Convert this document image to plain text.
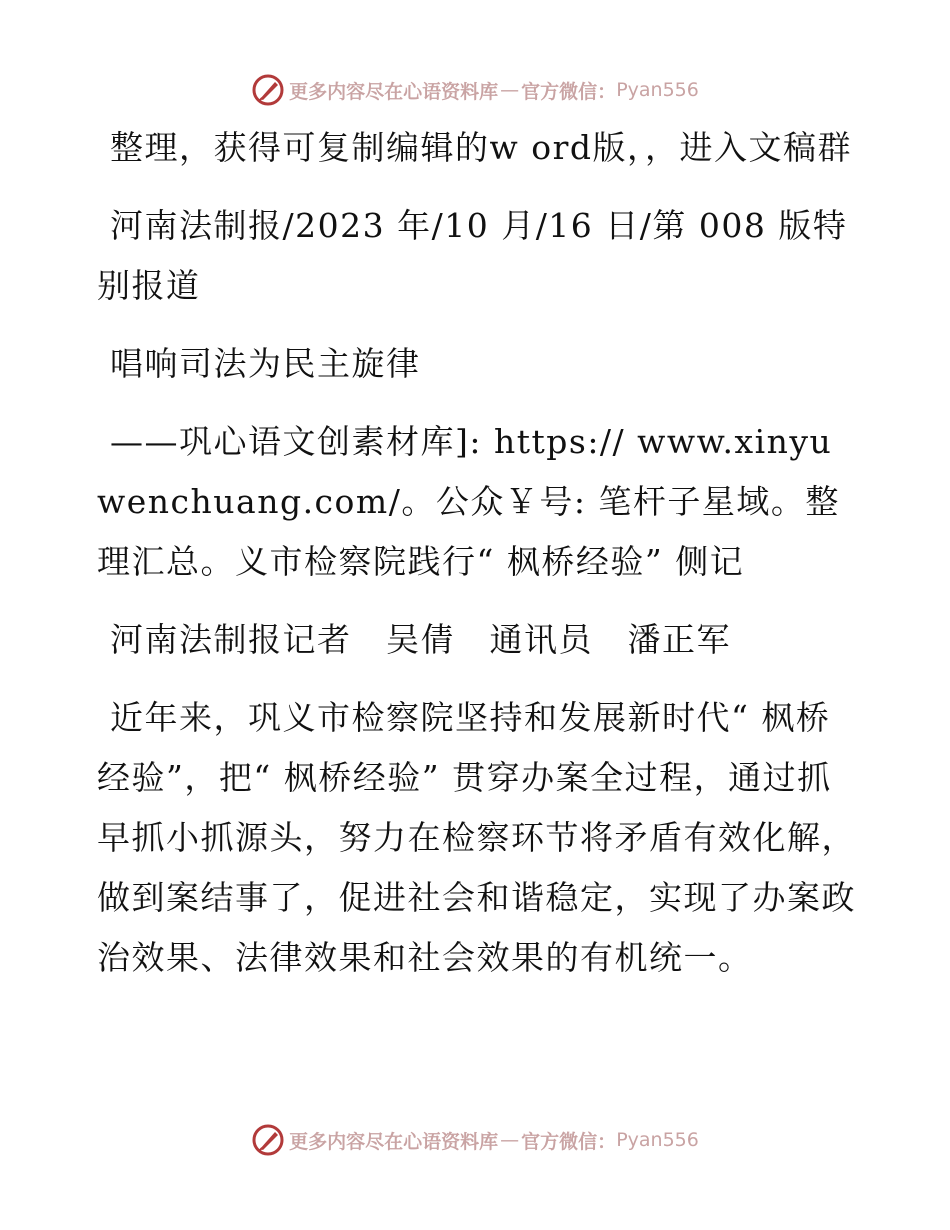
更多内容尽在心语资料库 — 官方微信： Pyan556

整理，获得可复制编辑的w ord版，，进入文稿群

河南法制报/2023 年/10 月/16 日/第 008 版特别报道

唱响司法为民主旋律

——巩心语文创素材库]: https:// www.xinyuwenchuang.com/。公众￥号: 笔杆子星域。整理汇总。义市检察院践行“ 枫桥经验” 侧记

河南法制报记者　吴倩　通讯员　潘正军

近年来，巩义市检察院坚持和发展新时代“ 枫桥经验”，把“ 枫桥经验” 贯穿办案全过程，通过抓早抓小抓源头，努力在检察环节将矛盾有效化解，做到案结事了，促进社会和谐稳定，实现了办案政治效果、法律效果和社会效果的有机统一。

更多内容尽在心语资料库 — 官方微信： Pyan556
